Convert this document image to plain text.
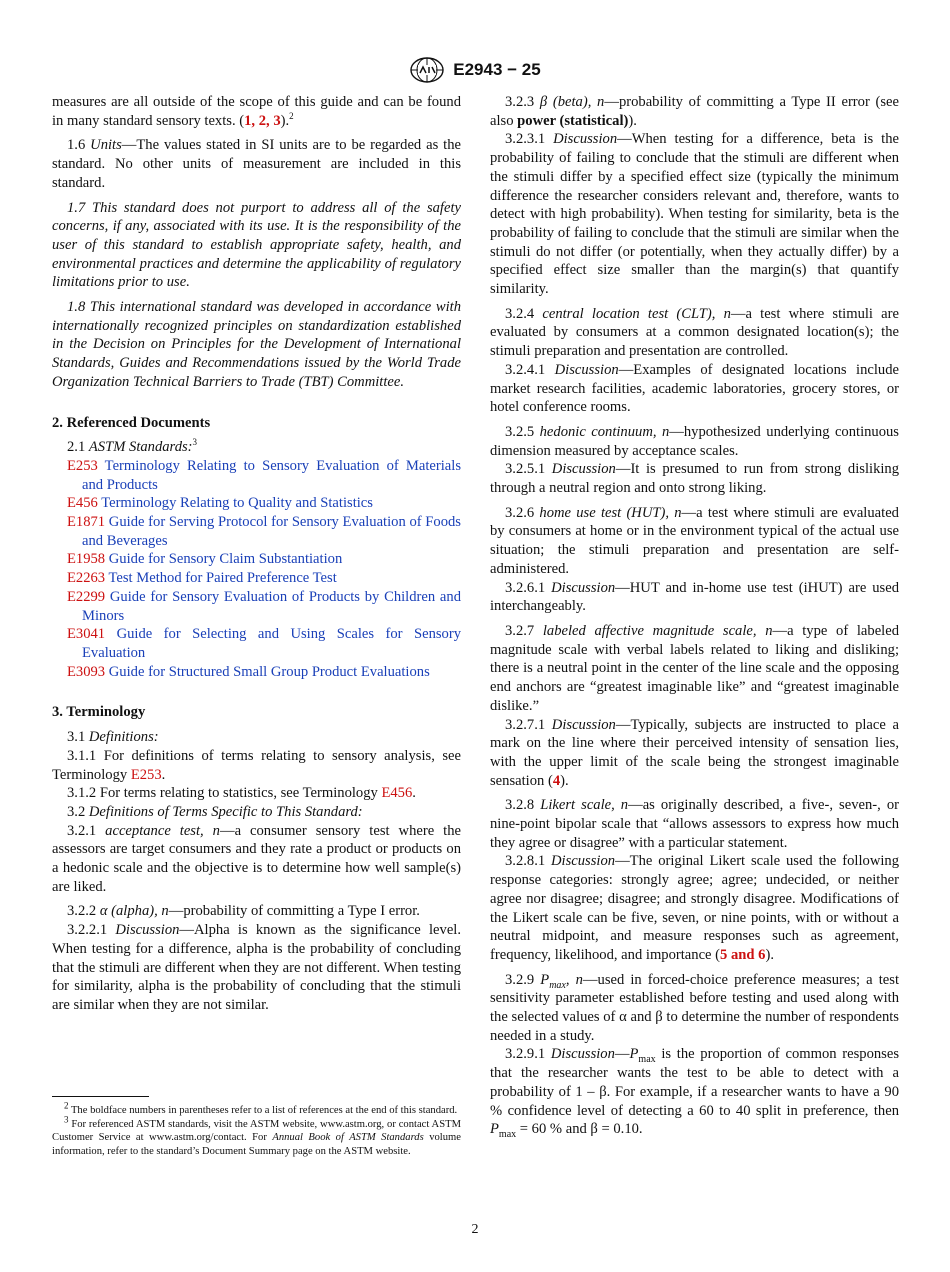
E2943 − 25

measures are all outside of the scope of this guide and can be found in many standard sensory texts. (1, 2, 3).$^2$

1.6 Units—The values stated in SI units are to be regarded as the standard. No other units of measurement are included in this standard.

1.7 This standard does not purport to address all of the safety concerns, if any, associated with its use. It is the responsibility of the user of this standard to establish appropriate safety, health, and environmental practices and determine the applicability of regulatory limitations prior to use.

1.8 This international standard was developed in accordance with internationally recognized principles on standardization established in the Decision on Principles for the Development of International Standards, Guides and Recommendations issued by the World Trade Organization Technical Barriers to Trade (TBT) Committee.

2. Referenced Documents

2.1 ASTM Standards:$^3$

E253 Terminology Relating to Sensory Evaluation of Materials and Products

E456 Terminology Relating to Quality and Statistics

E1871 Guide for Serving Protocol for Sensory Evaluation of Foods and Beverages

E1958 Guide for Sensory Claim Substantiation

E2263 Test Method for Paired Preference Test

E2299 Guide for Sensory Evaluation of Products by Children and Minors

E3041 Guide for Selecting and Using Scales for Sensory Evaluation

E3093 Guide for Structured Small Group Product Evaluations

3. Terminology

3.1 Definitions:

3.1.1 For definitions of terms relating to sensory analysis, see Terminology E253.

3.1.2 For terms relating to statistics, see Terminology E456.

3.2 Definitions of Terms Specific to This Standard:

3.2.1 acceptance test, n—a consumer sensory test where the assessors are target consumers and they rate a product or products on a hedonic scale and the objective is to determine how well sample(s) are liked.

3.2.2 α (alpha), n—probability of committing a Type I error.

3.2.2.1 Discussion—Alpha is known as the significance level. When testing for a difference, alpha is the probability of concluding that the stimuli are different when they are not different. When testing for similarity, alpha is the probability of concluding that the stimuli are similar when they are not similar.

$^2$ The boldface numbers in parentheses refer to a list of references at the end of this standard.

$^3$ For referenced ASTM standards, visit the ASTM website, www.astm.org, or contact ASTM Customer Service at www.astm.org/contact. For Annual Book of ASTM Standards volume information, refer to the standard’s Document Summary page on the ASTM website.

3.2.3 β (beta), n—probability of committing a Type II error (see also power (statistical)).

3.2.3.1 Discussion—When testing for a difference, beta is the probability of failing to conclude that the stimuli are different when the stimuli differ by a specified effect size (typically the minimum difference the researcher considers relevant and, therefore, wants to detect with high probability). When testing for similarity, beta is the probability of failing to conclude that the stimuli are similar when the stimuli do not differ (or potentially, when they actually differ) by a specified effect size smaller than the margin(s) that quantify similarity.

3.2.4 central location test (CLT), n—a test where stimuli are evaluated by consumers at a common designated location(s); the stimuli preparation and presentation are controlled.

3.2.4.1 Discussion—Examples of designated locations include market research facilities, academic laboratories, grocery stores, or hotel conference rooms.

3.2.5 hedonic continuum, n—hypothesized underlying continuous dimension measured by acceptance scales.

3.2.5.1 Discussion—It is presumed to run from strong disliking through a neutral region and onto strong liking.

3.2.6 home use test (HUT), n—a test where stimuli are evaluated by consumers at home or in the environment typical of the actual use situation; the stimuli preparation and presentation are self-administered.

3.2.6.1 Discussion—HUT and in-home use test (iHUT) are used interchangeably.

3.2.7 labeled affective magnitude scale, n—a type of labeled magnitude scale with verbal labels related to liking and disliking; there is a neutral point in the center of the line scale and the opposing end anchors are “greatest imaginable like” and “greatest imaginable dislike.”

3.2.7.1 Discussion—Typically, subjects are instructed to place a mark on the line where their perceived intensity of sensation lies, with the upper limit of the scale being the strongest imaginable sensation (4).

3.2.8 Likert scale, n—as originally described, a five-, seven-, or nine-point bipolar scale that “allows assessors to express how much they agree or disagree” with a particular statement.

3.2.8.1 Discussion—The original Likert scale used the following response categories: strongly agree; agree; undecided, or neither agree nor disagree; disagree; and strongly disagree. Modifications of the Likert scale can be five, seven, or nine points, with or without a neutral midpoint, and measure responses such as agreement, frequency, likelihood, and importance (5 and 6).

3.2.9 $P_{max}$, n—used in forced-choice preference measures; a test sensitivity parameter established before testing and used along with the selected values of α and β to determine the number of respondents needed in a study.

3.2.9.1 $Discussion—P_{max}$ is the proportion of common responses that the researcher wants the test to be able to detect with a probability of 1 – β. For example, if a researcher wants to have a 90 % confidence level of detecting a 60 to 40 split in preference, then $P_{max} = 60$ % and β = 0.10.

2
